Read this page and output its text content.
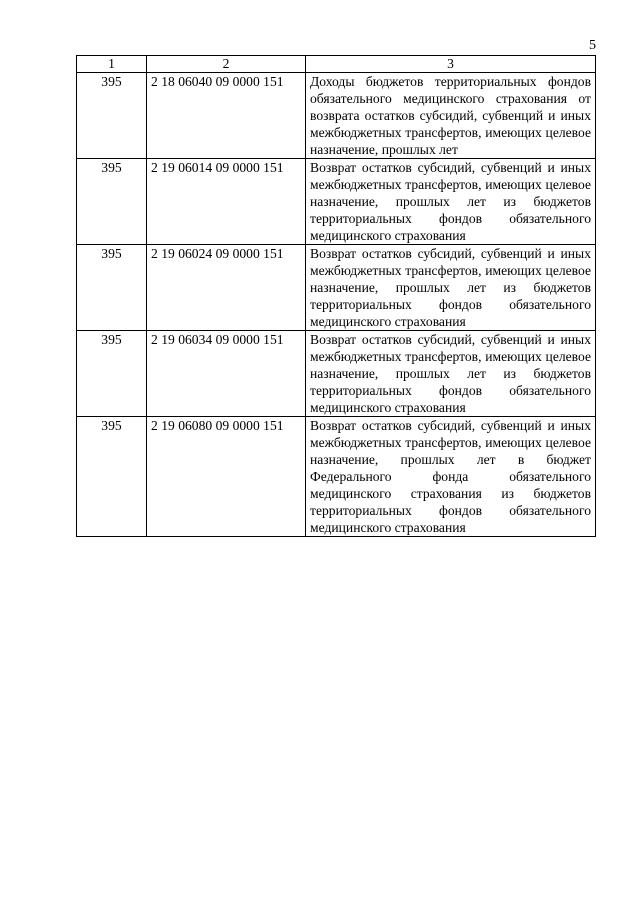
5
1	2	3
395	2 18 06040 09 0000 151	Доходы бюджетов территориальных фондов обязательного медицинского страхования от возврата остатков субсидий, субвенций и иных межбюджетных трансфертов, имеющих целевое назначение, прошлых лет
395	2 19 06014 09 0000 151	Возврат остатков субсидий, субвенций и иных межбюджетных трансфертов, имеющих целевое назначение, прошлых лет из бюджетов территориальных фондов обязательного медицинского страхования
395	2 19 06024 09 0000 151	Возврат остатков субсидий, субвенций и иных межбюджетных трансфертов, имеющих целевое назначение, прошлых лет из бюджетов территориальных фондов обязательного медицинского страхования
395	2 19 06034 09 0000 151	Возврат остатков субсидий, субвенций и иных межбюджетных трансфертов, имеющих целевое назначение, прошлых лет из бюджетов территориальных фондов обязательного медицинского страхования
395	2 19 06080 09 0000 151	Возврат остатков субсидий, субвенций и иных межбюджетных трансфертов, имеющих целевое назначение, прошлых лет в бюджет Федерального фонда обязательного медицинского страхования из бюджетов территориальных фондов обязательного медицинского страхования
